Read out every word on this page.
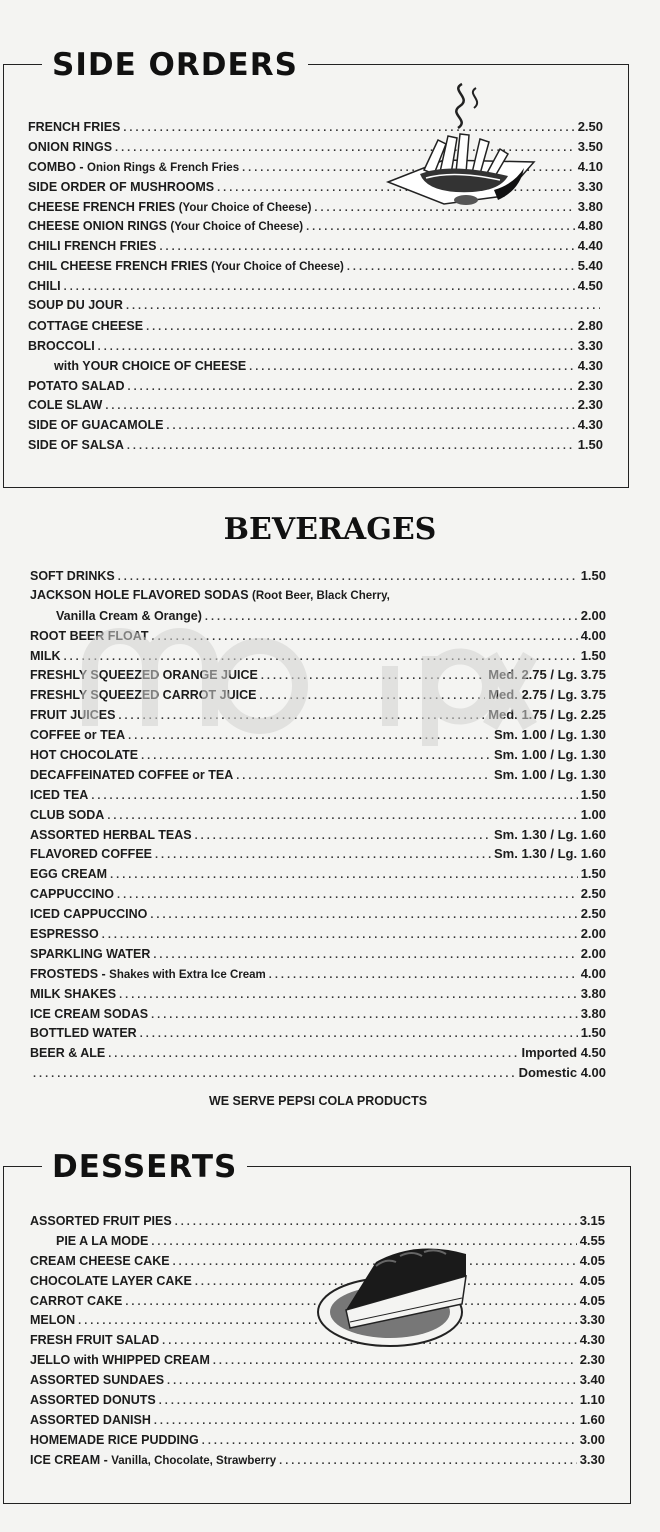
SIDE ORDERS
FRENCH FRIES .....	2.50
ONION RINGS .....	3.50
COMBO - Onion Rings & French Fries .....	4.10
SIDE ORDER OF MUSHROOMS .....	3.30
CHEESE FRENCH FRIES (Your Choice of Cheese) .....	3.80
CHEESE ONION RINGS (Your Choice of Cheese) .....	4.80
CHILI FRENCH FRIES .....	4.40
CHIL CHEESE FRENCH FRIES (Your Choice of Cheese) .....	5.40
CHILI .....	4.50
SOUP DU JOUR
.....
COTTAGE CHEESE .....	2.80
BROCCOLI .....	3.30
with YOUR CHOICE OF CHEESE .....	4.30
POTATO SALAD .....	2.30
COLE SLAW .....	2.30
SIDE OF GUACAMOLE .....	4.30
SIDE OF SALSA .....	1.50
BEVERAGES
SOFT DRINKS .....	1.50
JACKSON HOLE FLAVORED SODAS (Root Beer, Black Cherry,
Vanilla Cream & Orange) .....	2.00
ROOT BEER FLOAT .....	4.00
MILK .....	1.50
FRESHLY SQUEEZED ORANGE JUICE .....	Med. 2.75 / Lg. 3.75
FRESHLY SQUEEZED CARROT JUICE .....	Med. 2.75 / Lg. 3.75
FRUIT JUICES .....	Med. 1.75 / Lg. 2.25
COFFEE or TEA .....	Sm. 1.00 / Lg. 1.30
HOT CHOCOLATE .....	Sm. 1.00 / Lg. 1.30
DECAFFEINATED COFFEE or TEA .....	Sm. 1.00 / Lg. 1.30
ICED TEA .....	1.50
CLUB SODA .....	1.00
ASSORTED HERBAL TEAS .....	Sm. 1.30 / Lg. 1.60
FLAVORED COFFEE .....	Sm. 1.30 / Lg. 1.60
EGG CREAM .....	1.50
CAPPUCCINO .....	2.50
ICED CAPPUCCINO .....	2.50
ESPRESSO .....	2.00
SPARKLING WATER .....	2.00
FROSTEDS - Shakes with Extra Ice Cream .....	4.00
MILK SHAKES .....	3.80
ICE CREAM SODAS .....	3.80
BOTTLED WATER .....	1.50
BEER & ALE .....	Imported 4.50
.....
Domestic 4.00
WE SERVE PEPSI COLA PRODUCTS
DESSERTS
ASSORTED FRUIT PIES .....	3.15
PIE A LA MODE .....	4.55
CREAM CHEESE CAKE .....	4.05
CHOCOLATE LAYER CAKE .....	4.05
CARROT CAKE .....	4.05
MELON .....	3.30
FRESH FRUIT SALAD .....	4.30
JELLO with WHIPPED CREAM .....	2.30
ASSORTED SUNDAES .....	3.40
ASSORTED DONUTS .....	1.10
ASSORTED DANISH .....	1.60
HOMEMADE RICE PUDDING .....	3.00
ICE CREAM - Vanilla, Chocolate, Strawberry .....	3.30
